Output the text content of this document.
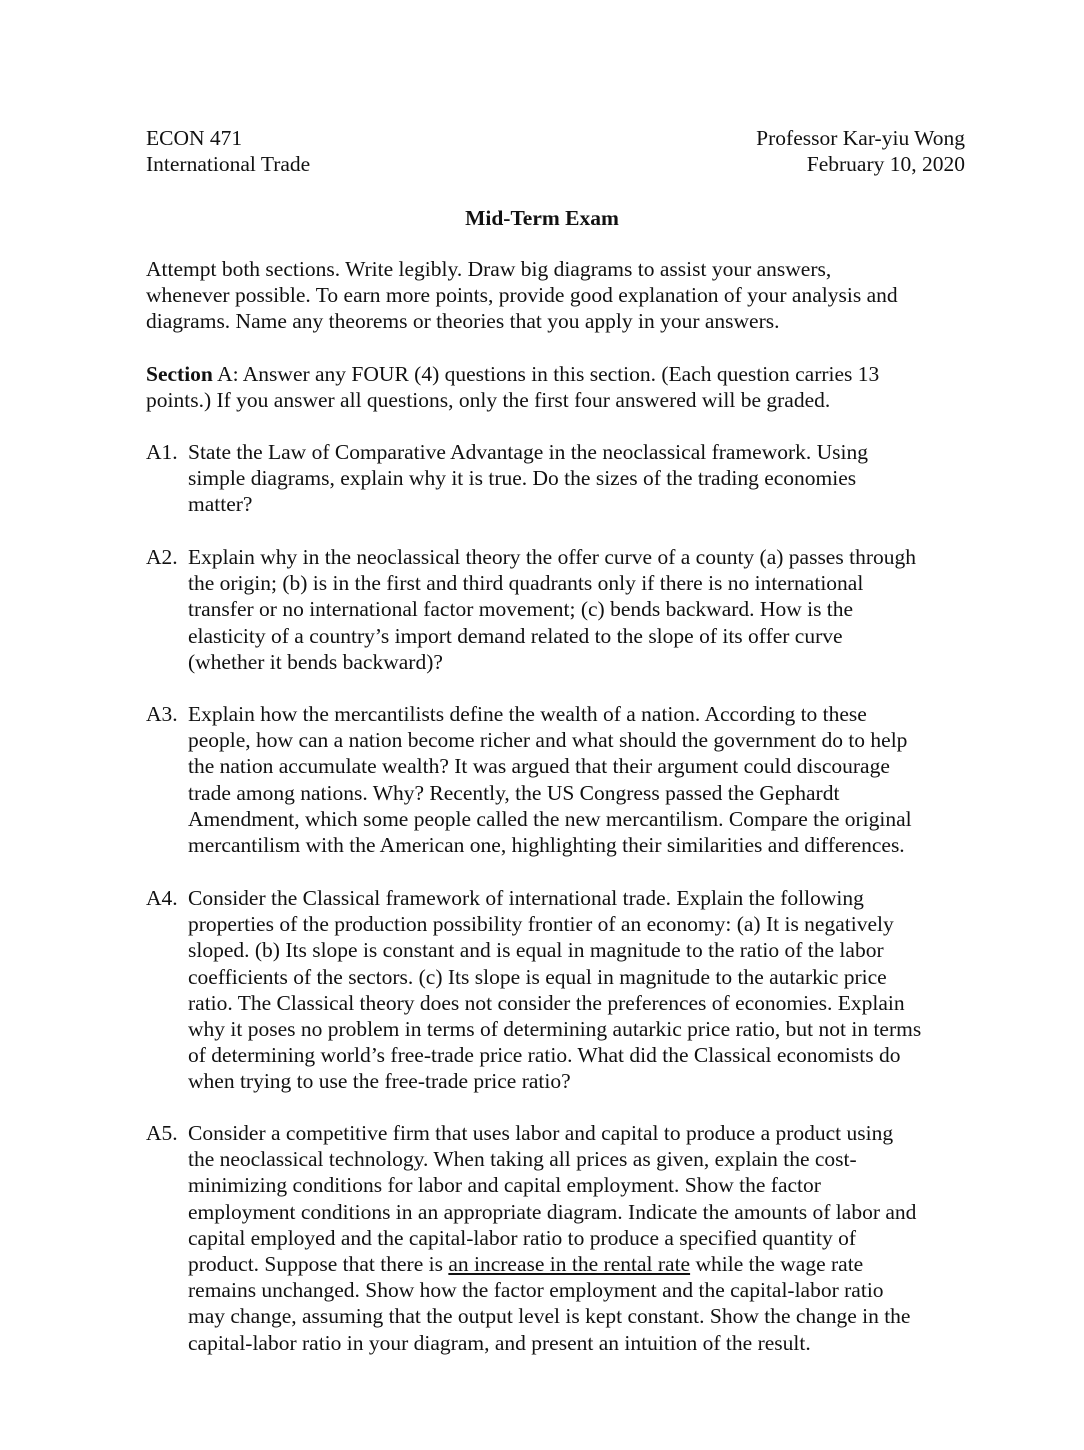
ECON 471
International Trade
Professor Kar-yiu Wong
February 10, 2020
Mid-Term Exam
Attempt both sections. Write legibly. Draw big diagrams to assist your answers,
whenever possible. To earn more points, provide good explanation of your analysis and
diagrams. Name any theorems or theories that you apply in your answers.
Section A: Answer any FOUR (4) questions in this section. (Each question carries 13
points.) If you answer all questions, only the first four answered will be graded.
A1. State the Law of Comparative Advantage in the neoclassical framework. Using
simple diagrams, explain why it is true. Do the sizes of the trading economies
matter?
A2. Explain why in the neoclassical theory the offer curve of a county (a) passes through
the origin; (b) is in the first and third quadrants only if there is no international
transfer or no international factor movement; (c) bends backward. How is the
elasticity of a country’s import demand related to the slope of its offer curve
(whether it bends backward)?
A3. Explain how the mercantilists define the wealth of a nation. According to these
people, how can a nation become richer and what should the government do to help
the nation accumulate wealth? It was argued that their argument could discourage
trade among nations. Why? Recently, the US Congress passed the Gephardt
Amendment, which some people called the new mercantilism. Compare the original
mercantilism with the American one, highlighting their similarities and differences.
A4. Consider the Classical framework of international trade. Explain the following
properties of the production possibility frontier of an economy: (a) It is negatively
sloped. (b) Its slope is constant and is equal in magnitude to the ratio of the labor
coefficients of the sectors. (c) Its slope is equal in magnitude to the autarkic price
ratio. The Classical theory does not consider the preferences of economies. Explain
why it poses no problem in terms of determining autarkic price ratio, but not in terms
of determining world’s free-trade price ratio. What did the Classical economists do
when trying to use the free-trade price ratio?
A5. Consider a competitive firm that uses labor and capital to produce a product using
the neoclassical technology. When taking all prices as given, explain the cost-
minimizing conditions for labor and capital employment. Show the factor
employment conditions in an appropriate diagram. Indicate the amounts of labor and
capital employed and the capital-labor ratio to produce a specified quantity of
product. Suppose that there is an increase in the rental rate while the wage rate
remains unchanged. Show how the factor employment and the capital-labor ratio
may change, assuming that the output level is kept constant. Show the change in the
capital-labor ratio in your diagram, and present an intuition of the result.
